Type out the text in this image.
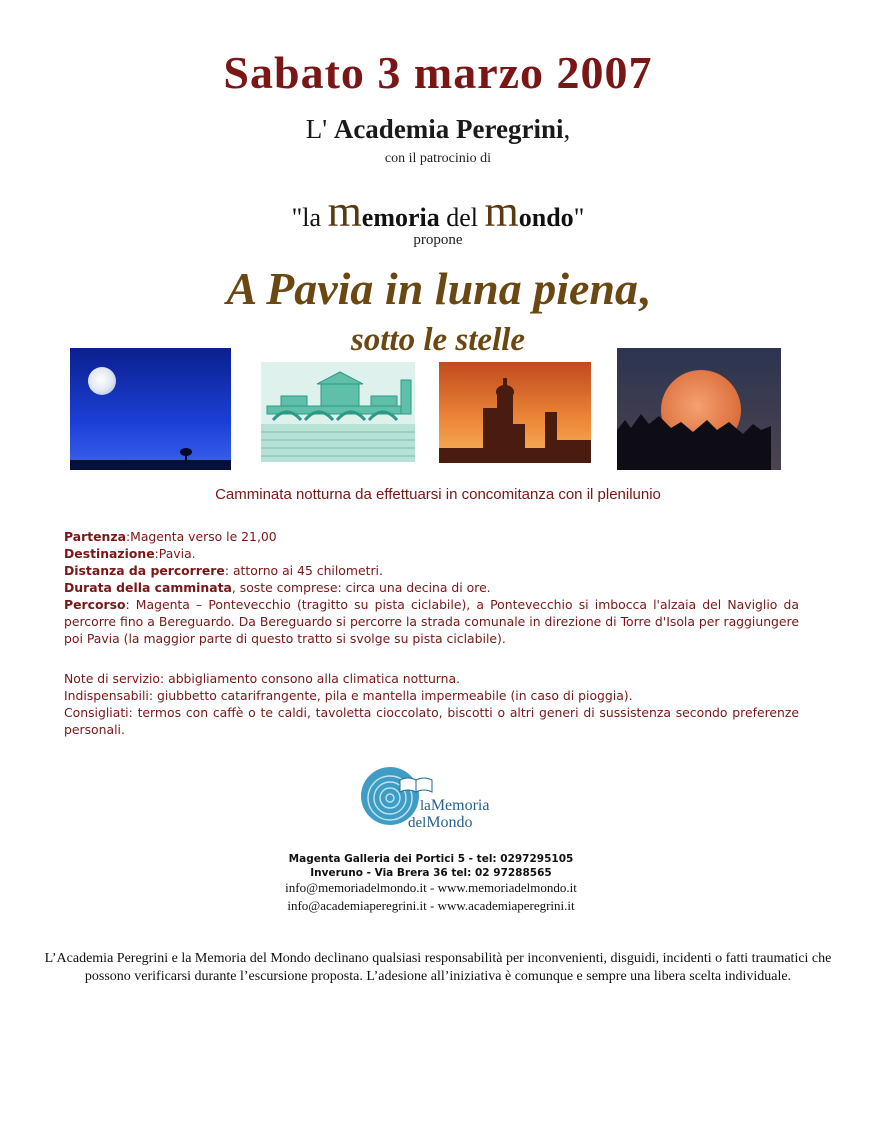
Sabato 3 marzo 2007
L' Academia Peregrini,
con il patrocinio di
"la memoria del mondo"
propone
A Pavia in luna piena,
sotto le stelle
Camminata notturna da effettuarsi in concomitanza con il plenilunio
Partenza:Magenta verso le 21,00
Destinazione:Pavia.
Distanza da percorrere: attorno ai 45 chilometri.
Durata della camminata, soste comprese: circa una decina di ore.
Percorso: Magenta – Pontevecchio (tragitto su pista ciclabile), a Pontevecchio si imbocca l'alzaia del Naviglio da percorre fino a Bereguardo. Da Bereguardo si percorre la strada comunale in direzione di Torre d'Isola per raggiungere poi Pavia (la maggior parte di questo tratto si svolge su pista ciclabile).
Note di servizio: abbigliamento consono alla climatica notturna.
Indispensabili: giubbetto catarifrangente, pila e mantella impermeabile (in caso di pioggia).
Consigliati: termos con caffè o te caldi, tavoletta cioccolato, biscotti o altri generi di sussistenza secondo preferenze personali.
laMemoria
delMondo
Magenta Galleria dei Portici 5 - tel: 0297295105
Inveruno - Via Brera 36 tel: 02 97288565
info@memoriadelmondo.it - www.memoriadelmondo.it
info@academiaperegrini.it - www.academiaperegrini.it
L’Academia Peregrini e la Memoria del Mondo declinano qualsiasi responsabilità per inconvenienti, disguidi, incidenti o fatti traumatici che possono verificarsi durante l’escursione proposta. L’adesione all’iniziativa è comunque e sempre una libera scelta individuale.
